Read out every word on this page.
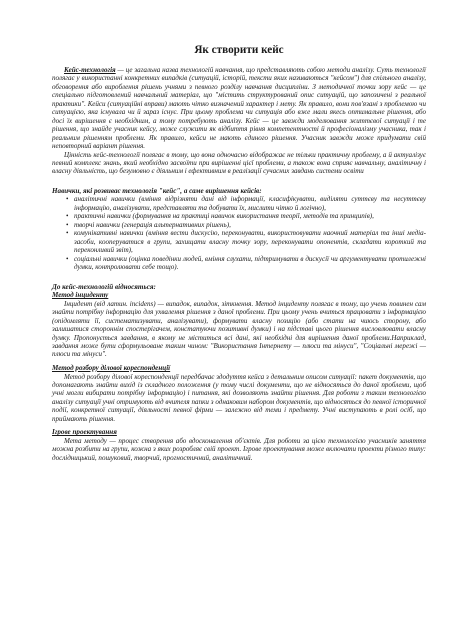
Як створити кейс

Кейс-технологія — це загальна назва технологій навчання, що представляють собою методи аналізу. Суть технології полягає у використанні конкретних випадків (ситуацій, історій, тексти яких називаються "кейсом") для спільного аналізу, обговорення або вироблення рішень учнями з певного розділу навчання дисципліни. З методичної точки зору кейс — це спеціально підготовлений навчальний матеріал, що "містить структурований опис ситуацій, що запозичені з реальної практики". Кейси (ситуаційні вправи) мають чітко визначений характер і мету. Як правило, вони пов'язані з проблемою чи ситуацією, яка існувала чи й зараз існує. При цьому проблема чи ситуація або вже мали якесь оптимальне рішення, або досі їх вирішення є необхідним, а тому потребують аналізу. Кейс — це завжди моделювання життєвої ситуації і те рішення, що знайде учасник кейсу, може служити як відбиття рівня компетентності й професіоналізму учасника, так і реальним рішенням проблеми. Як правило, кейси не мають єдиного рішення. Учасник завжди може придумати свій неповторний варіант рішення.

Цінність кейс-технології полягає в тому, що вона одночасно відображає не тільки практичну проблему, а й актуалізує певний комплекс знань, який необхідно засвоїти при вирішенні цієї проблеми, а також вона сприяє навчальну, аналітичну і власну діяльність, що безумовно є діяльним і ефективним в реалізації сучасних завдань системи освіти

Навички, які розвиває технологія "кейс", а саме вирішення кейсів:

• аналітичні навички (вміння відрізняти дані від інформації, класифікувати, виділяти суттєву та несуттєву інформацію, аналізувати, представляти та добувати їх, мислити чітко й логічно),
• практичні навички (формування на практиці навичок використання теорії, методів та принципів),
• творчі навички (генерація альтернативних рішень),
• комунікативні навички (вміння вести дискусію, переконувати, використовувати наочний матеріал та інші медіа-засоби, кооперуватися в групи, захищати власну точку зору, переконувати опонентів, складати короткий та переконливий звіт),
• соціальні навички (оцінка поведінки людей, вміння слухати, підтримувати в дискусії чи аргументувати протилежні думки, контролювати себе тощо).

До кейс-технологій відносяться:

Метод інциденту

Інцидент (від латин. incidens) — випадок, випадок, зіткнення. Метод інциденту полягає в тому, що учень повинен сам знайти потрібну інформацію для ухвалення рішення з даної проблеми. При цьому учень вчиться працювати з інформацією (опідомляти її, систематизувати, аналізувати), формувати власну позицію (або стати на чиюсь сторону, або залишатися стороннім спостерігачем, констатуючи позитивні думки) і на підставі цього рішення висловлювати власну думку. Пропонується завдання, в якому не міститься всі дані, які необхідні для вирішення даної проблеми.Наприклад, завдання може бути сформульоване таким чином: "Використання Інтернету — плюси та мінуси", "Соціальні мережі — плюси та мінуси".

Метод розбору ділової кореспонденції

Метод розбору ділової кореспонденції передбачає здодуття кейса з детальним описом ситуації: пакет документів, що допомагають знайти вихід із складного положення (у тому числі документи, що не відносяться до даної проблеми, щоб учні могли вибирати потрібну інформацію) і питання, які дозволяють знайти рішення. Для роботи з таким технологією аналізу ситуації учні отримують від вчителя папки з однаковим набором документів, що відносяться до певної історичної події, конкретної ситуації, діяльності певної фірми — залежно від теми і предмету. Учні виступають в ролі осіб, що приймають рішення.

Ігрове проектування

Мета методу — процес створення або вдосконалення об'єктів. Для роботи за цією технологією учасників заняття можна розбити на групи, кожна з яких розробляє свій проект. Ігрове проектування може включати проекти різного типу: дослідницький, пошуковий, творчий, прогностичний, аналітичний.
